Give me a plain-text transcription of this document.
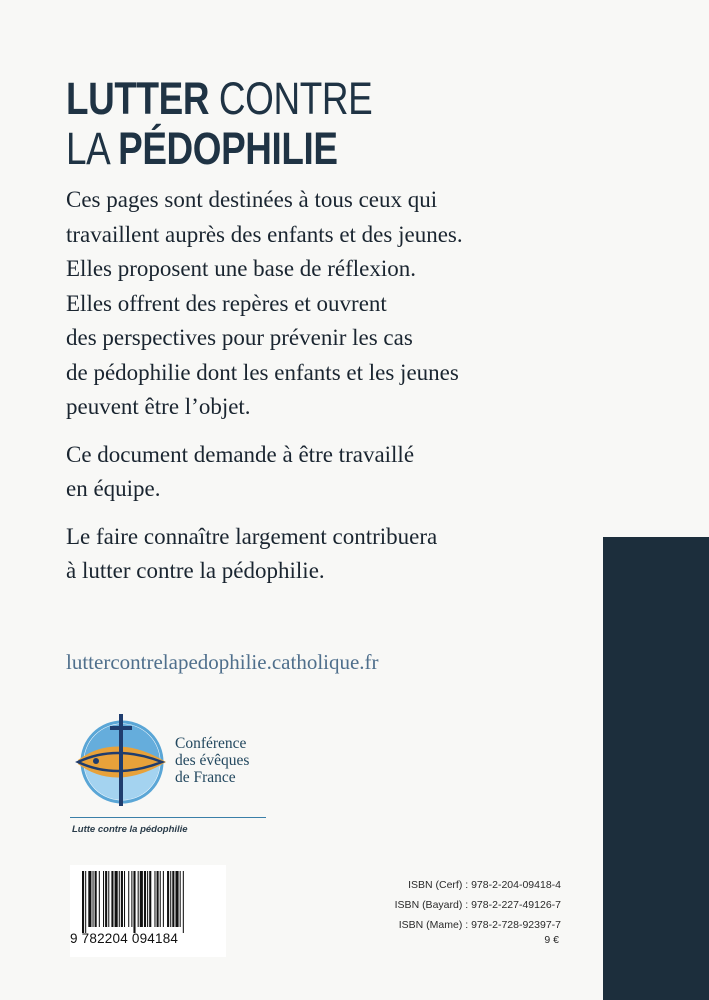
LUTTER CONTRE
LA PÉDOPHILIE

Ces pages sont destinées à tous ceux qui
travaillent auprès des enfants et des jeunes.
Elles proposent une base de réflexion.
Elles offrent des repères et ouvrent
des perspectives pour prévenir les cas
de pédophilie dont les enfants et les jeunes
peuvent être l’objet.

Ce document demande à être travaillé
en équipe.

Le faire connaître largement contribuera
à lutter contre la pédophilie.

luttercontrelapedophilie.catholique.fr
Conférence
des évêques
de France
Lutte contre la pédophilie
9 782204 094184
ISBN (Cerf) : 978-2-204-09418-4
ISBN (Bayard) : 978-2-227-49126-7
ISBN (Mame) : 978-2-728-92397-7
9 €
